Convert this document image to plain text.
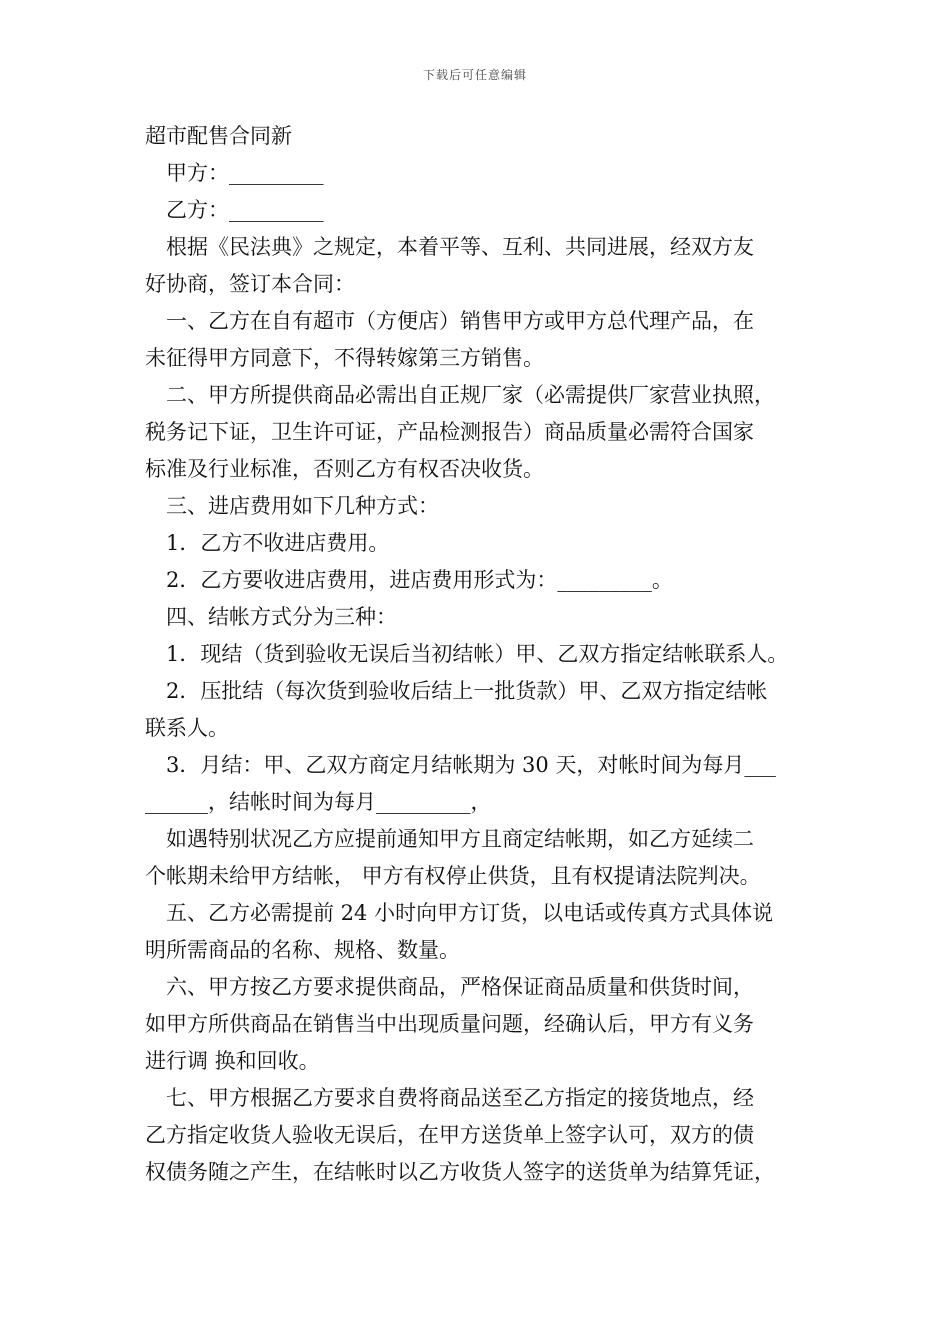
下载后可任意编辑
超市配售合同新
甲方：_________
乙方：_________
根据《民法典》之规定，本着平等、互利、共同进展，经双方友
好协商，签订本合同：
一、乙方在自有超市（方便店）销售甲方或甲方总代理产品，在
未征得甲方同意下，不得转嫁第三方销售。
二、甲方所提供商品必需出自正规厂家（必需提供厂家营业执照，
税务记下证，卫生许可证，产品检测报告）商品质量必需符合国家
标准及行业标准，否则乙方有权否决收货。
三、进店费用如下几种方式：
1．乙方不收进店费用。
2．乙方要收进店费用，进店费用形式为：_________。
四、结帐方式分为三种：
1．现结（货到验收无误后当初结帐）甲、乙双方指定结帐联系人。
2．压批结（每次货到验收后结上一批货款）甲、乙双方指定结帐
联系人。
3．月结：甲、乙双方商定月结帐期为 30 天，对帐时间为每月___
______，结帐时间为每月_________，
如遇特别状况乙方应提前通知甲方且商定结帐期，如乙方延续二
个帐期未给甲方结帐， 甲方有权停止供货，且有权提请法院判决。
五、乙方必需提前 24 小时向甲方订货，以电话或传真方式具体说
明所需商品的名称、规格、数量。
六、甲方按乙方要求提供商品，严格保证商品质量和供货时间，
如甲方所供商品在销售当中出现质量问题，经确认后，甲方有义务
进行调 换和回收。
七、甲方根据乙方要求自费将商品送至乙方指定的接货地点，经
乙方指定收货人验收无误后，在甲方送货单上签字认可，双方的债
权债务随之产生，在结帐时以乙方收货人签字的送货单为结算凭证，
